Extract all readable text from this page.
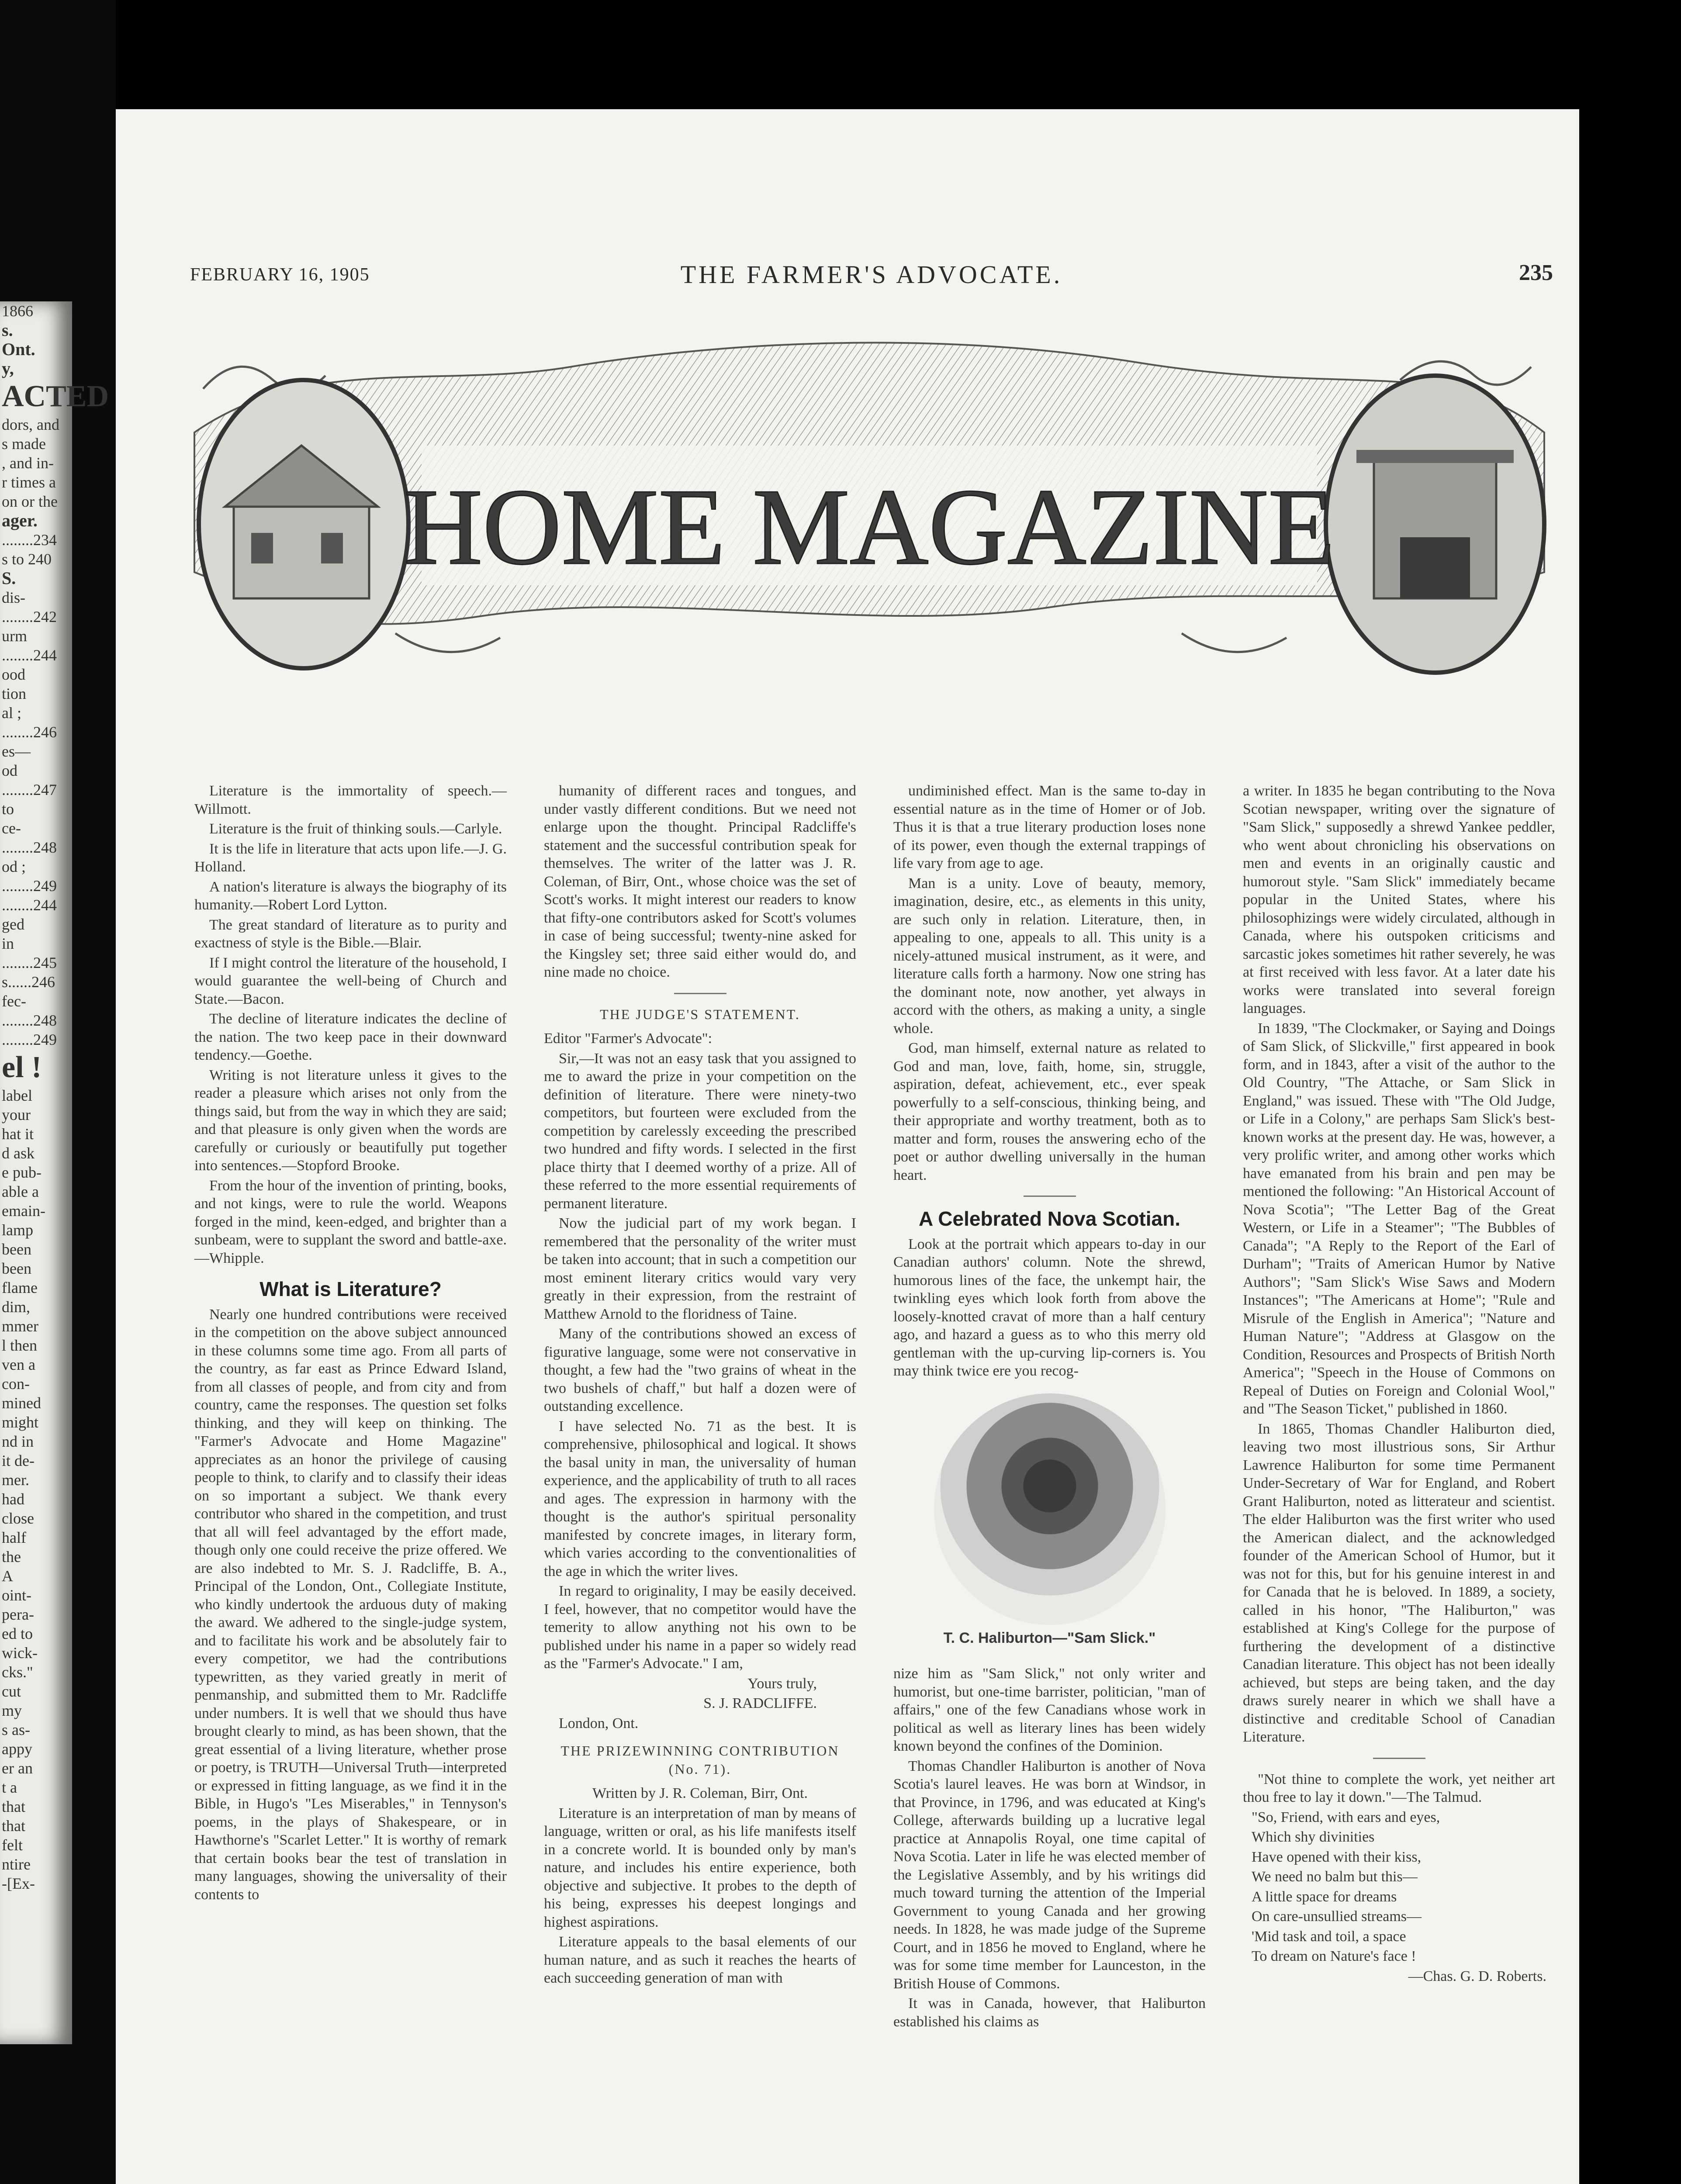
1866
s.
Ont.
y,
ACTED
dors, and
s made
, and in-
r times a
on or the
ager.
........234
s to 240
S.
dis-
........242
urm
........244
ood
tion
al ;
........246
es—
od
........247
to
ce-
........248
od ;
........249
........244
ged
in
........245
s......246
fec-
........248
........249
el !
label
your
hat it
d ask
e pub-
able a
emain-
lamp
been
been
flame
dim,
mmer
l then
ven a
con-
mined
might
nd in
it de-
mer.
had
close
half
the
A
oint-
pera-
ed to
wick-
cks."
cut
my
s as-
appy
er an
t a
that
that
felt
ntire
-[Ex-
FEBRUARY 16, 1905	THE FARMER'S ADVOCATE.	235
HOME MAGAZINE

Literature is the immortality of speech.—Willmott.

Literature is the fruit of thinking souls.—Carlyle.

It is the life in literature that acts upon life.—J. G. Holland.

A nation's literature is always the biography of its humanity.—Robert Lord Lytton.

The great standard of literature as to purity and exactness of style is the Bible.—Blair.

If I might control the literature of the household, I would guarantee the well-being of Church and State.—Bacon.

The decline of literature indicates the decline of the nation. The two keep pace in their downward tendency.—Goethe.

Writing is not literature unless it gives to the reader a pleasure which arises not only from the things said, but from the way in which they are said; and that pleasure is only given when the words are carefully or curiously or beautifully put together into sentences.—Stopford Brooke.

From the hour of the invention of printing, books, and not kings, were to rule the world. Weapons forged in the mind, keen-edged, and brighter than a sunbeam, were to supplant the sword and battle-axe.—Whipple.

What is Literature?

Nearly one hundred contributions were received in the competition on the above subject announced in these columns some time ago. From all parts of the country, as far east as Prince Edward Island, from all classes of people, and from city and from country, came the responses. The question set folks thinking, and they will keep on thinking. The "Farmer's Advocate and Home Magazine" appreciates as an honor the privilege of causing people to think, to clarify and to classify their ideas on so important a subject. We thank every contributor who shared in the competition, and trust that all will feel advantaged by the effort made, though only one could receive the prize offered. We are also indebted to Mr. S. J. Radcliffe, B. A., Principal of the London, Ont., Collegiate Institute, who kindly undertook the arduous duty of making the award. We adhered to the single-judge system, and to facilitate his work and be absolutely fair to every competitor, we had the contributions typewritten, as they varied greatly in merit of penmanship, and submitted them to Mr. Radcliffe under numbers. It is well that we should thus have brought clearly to mind, as has been shown, that the great essential of a living literature, whether prose or poetry, is TRUTH—Universal Truth—interpreted or expressed in fitting language, as we find it in the Bible, in Hugo's "Les Miserables," in Tennyson's poems, in the plays of Shakespeare, or in Hawthorne's "Scarlet Letter." It is worthy of remark that certain books bear the test of translation in many languages, showing the universality of their contents to

humanity of different races and tongues, and under vastly different conditions. But we need not enlarge upon the thought. Principal Radcliffe's statement and the successful contribution speak for themselves. The writer of the latter was J. R. Coleman, of Birr, Ont., whose choice was the set of Scott's works. It might interest our readers to know that fifty-one contributors asked for Scott's volumes in case of being successful; twenty-nine asked for the Kingsley set; three said either would do, and nine made no choice.

THE JUDGE'S STATEMENT.

Editor "Farmer's Advocate":

Sir,—It was not an easy task that you assigned to me to award the prize in your competition on the definition of literature. There were ninety-two competitors, but fourteen were excluded from the competition by carelessly exceeding the prescribed two hundred and fifty words. I selected in the first place thirty that I deemed worthy of a prize. All of these referred to the more essential requirements of permanent literature.

Now the judicial part of my work began. I remembered that the personality of the writer must be taken into account; that in such a competition our most eminent literary critics would vary very greatly in their expression, from the restraint of Matthew Arnold to the floridness of Taine.

Many of the contributions showed an excess of figurative language, some were not conservative in thought, a few had the "two grains of wheat in the two bushels of chaff," but half a dozen were of outstanding excellence.

I have selected No. 71 as the best. It is comprehensive, philosophical and logical. It shows the basal unity in man, the universality of human experience, and the applicability of truth to all races and ages. The expression in harmony with the thought is the author's spiritual personality manifested by concrete images, in literary form, which varies according to the conventionalities of the age in which the writer lives.

In regard to originality, I may be easily deceived. I feel, however, that no competitor would have the temerity to allow anything not his own to be published under his name in a paper so widely read as the "Farmer's Advocate." I am,

Yours truly,

S. J. RADCLIFFE.

London, Ont.

THE PRIZEWINNING CONTRIBUTION (No. 71).

Written by J. R. Coleman, Birr, Ont.

Literature is an interpretation of man by means of language, written or oral, as his life manifests itself in a concrete world. It is bounded only by man's nature, and includes his entire experience, both objective and subjective. It probes to the depth of his being, expresses his deepest longings and highest aspirations.

Literature appeals to the basal elements of our human nature, and as such it reaches the hearts of each succeeding generation of man with

undiminished effect. Man is the same to-day in essential nature as in the time of Homer or of Job. Thus it is that a true literary production loses none of its power, even though the external trappings of life vary from age to age.

Man is a unity. Love of beauty, memory, imagination, desire, etc., as elements in this unity, are such only in relation. Literature, then, in appealing to one, appeals to all. This unity is a nicely-attuned musical instrument, as it were, and literature calls forth a harmony. Now one string has the dominant note, now another, yet always in accord with the others, as making a unity, a single whole.

God, man himself, external nature as related to God and man, love, faith, home, sin, struggle, aspiration, defeat, achievement, etc., ever speak powerfully to a self-conscious, thinking being, and their appropriate and worthy treatment, both as to matter and form, rouses the answering echo of the poet or author dwelling universally in the human heart.

A Celebrated Nova Scotian.

Look at the portrait which appears to-day in our Canadian authors' column. Note the shrewd, humorous lines of the face, the unkempt hair, the twinkling eyes which look forth from above the loosely-knotted cravat of more than a half century ago, and hazard a guess as to who this merry old gentleman with the up-curving lip-corners is. You may think twice ere you recog-

T. C. Haliburton—"Sam Slick."

nize him as "Sam Slick," not only writer and humorist, but one-time barrister, politician, "man of affairs," one of the few Canadians whose work in political as well as literary lines has been widely known beyond the confines of the Dominion.

Thomas Chandler Haliburton is another of Nova Scotia's laurel leaves. He was born at Windsor, in that Province, in 1796, and was educated at King's College, afterwards building up a lucrative legal practice at Annapolis Royal, one time capital of Nova Scotia. Later in life he was elected member of the Legislative Assembly, and by his writings did much toward turning the attention of the Imperial Government to young Canada and her growing needs. In 1828, he was made judge of the Supreme Court, and in 1856 he moved to England, where he was for some time member for Launceston, in the British House of Commons.

It was in Canada, however, that Haliburton established his claims as

a writer. In 1835 he began contributing to the Nova Scotian newspaper, writing over the signature of "Sam Slick," supposedly a shrewd Yankee peddler, who went about chronicling his observations on men and events in an originally caustic and humorout style. "Sam Slick" immediately became popular in the United States, where his philosophizings were widely circulated, although in Canada, where his outspoken criticisms and sarcastic jokes sometimes hit rather severely, he was at first received with less favor. At a later date his works were translated into several foreign languages.

In 1839, "The Clockmaker, or Saying and Doings of Sam Slick, of Slickville," first appeared in book form, and in 1843, after a visit of the author to the Old Country, "The Attache, or Sam Slick in England," was issued. These with "The Old Judge, or Life in a Colony," are perhaps Sam Slick's best-known works at the present day. He was, however, a very prolific writer, and among other works which have emanated from his brain and pen may be mentioned the following: "An Historical Account of Nova Scotia"; "The Letter Bag of the Great Western, or Life in a Steamer"; "The Bubbles of Canada"; "A Reply to the Report of the Earl of Durham"; "Traits of American Humor by Native Authors"; "Sam Slick's Wise Saws and Modern Instances"; "The Americans at Home"; "Rule and Misrule of the English in America"; "Nature and Human Nature"; "Address at Glasgow on the Condition, Resources and Prospects of British North America"; "Speech in the House of Commons on Repeal of Duties on Foreign and Colonial Wool," and "The Season Ticket," published in 1860.

In 1865, Thomas Chandler Haliburton died, leaving two most illustrious sons, Sir Arthur Lawrence Haliburton for some time Permanent Under-Secretary of War for England, and Robert Grant Haliburton, noted as litterateur and scientist. The elder Haliburton was the first writer who used the American dialect, and the acknowledged founder of the American School of Humor, but it was not for this, but for his genuine interest in and for Canada that he is beloved. In 1889, a society, called in his honor, "The Haliburton," was established at King's College for the purpose of furthering the development of a distinctive Canadian literature. This object has not been ideally achieved, but steps are being taken, and the day draws surely nearer in which we shall have a distinctive and creditable School of Canadian Literature.

"Not thine to complete the work, yet neither art thou free to lay it down."—The Talmud.

"So, Friend, with ears and eyes,

Which shy divinities

Have opened with their kiss,

We need no balm but this—

A little space for dreams

On care-unsullied streams—

'Mid task and toil, a space

To dream on Nature's face !

—Chas. G. D. Roberts.
